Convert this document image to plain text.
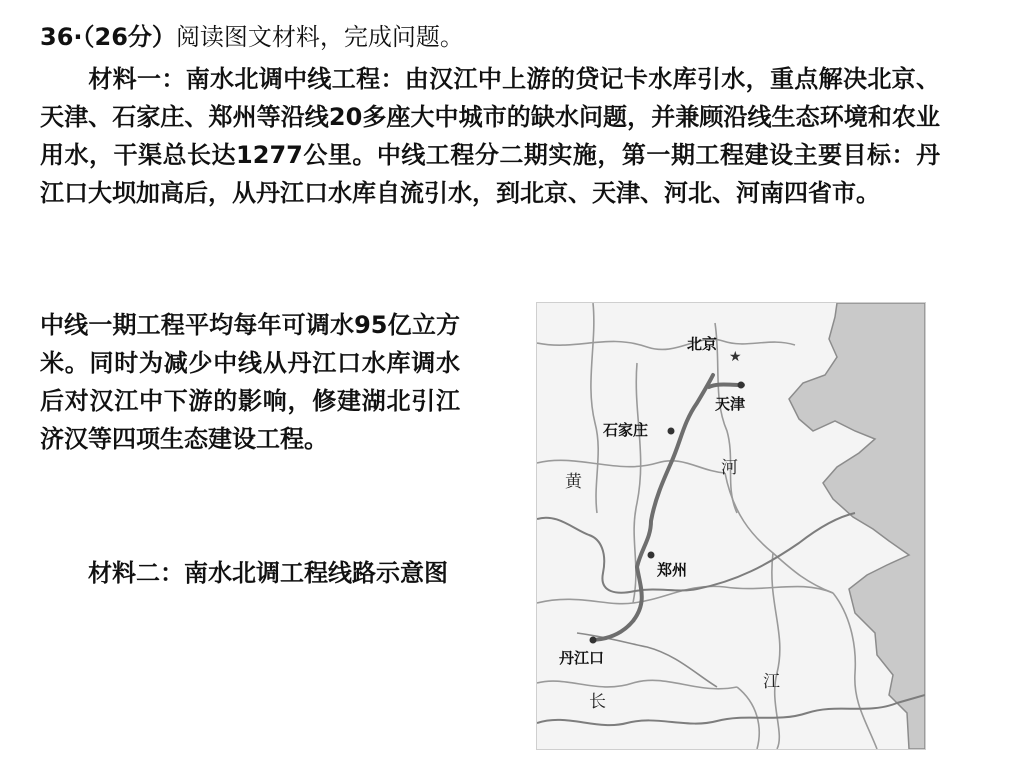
36·（26分）阅读图文材料，完成问题。
材料一：南水北调中线工程：由汉江中上游的贷记卡水库引水，重点解决北京、天津、石家庄、郑州等沿线20多座大中城市的缺水问题，并兼顾沿线生态环境和农业用水，干渠总长达1277公里。中线工程分二期实施，第一期工程建设主要目标：丹江口大坝加高后，从丹江口水库自流引水，到北京、天津、河北、河南四省市。
中线一期工程平均每年可调水95亿立方米。同时为减少中线从丹江口水库调水后对汉江中下游的影响，修建湖北引江济汉等四项生态建设工程。
材料二：南水北调工程线路示意图
★
北京
天津
石家庄
郑州
丹江口
黄
河
江
长
